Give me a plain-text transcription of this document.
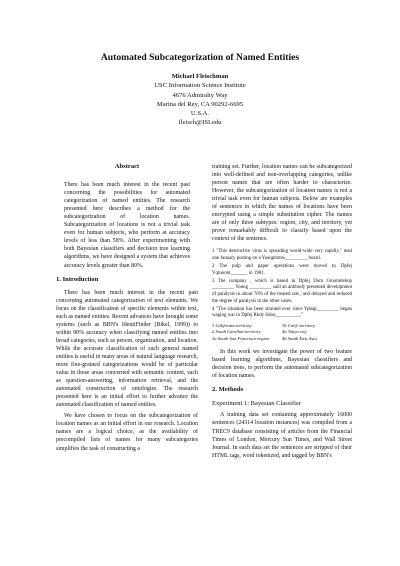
Automated Subcategorization of Named Entities
Michael Fleischman
USC Information Science Institute
4676 Admiralty Way
Marina del Rey, CA 90292-6695
U.S.A.
fleisch@ISI.edu
Abstract
There has been much interest in the recent past concerning the possibilities for automated categorization of named entities. The research presented here describes a method for the subcategorization of location names. Subcategorization of locations is not a trivial task even for human subjects, who perform at accuracy levels of less than 58%. After experimenting with both Bayesian classifiers and decision tree learning algorithms, we have designed a system that achieves accuracy levels greater than 80%.
1. Introduction
There has been much interest in the recent past concerning automated categorization of text elements. We focus on the classification of specific elements within text, such as named entities. Recent advances have brought some systems (such as BBN's IdentiFinder (Bikel, 1999)) to within 90% accuracy when classifying named entities into broad categories, such as person, organization, and location. While the accurate classification of such general named entities is useful in many areas of natural language research, more fine-grained categorizations would be of particular value in those areas concerned with semantic content, such as question-answering, information retrieval, and the automated construction of ontologies. The research presented here is an initial effort to further advance the automated classification of named entities.
We have chosen to focus on the subcategorization of location names as an initial effort in our research. Location names are a logical choice, as the availability of precompiled lists of names for many subcategories simplifies the task of constructing a
training set. Further, location names can be subcategorized into well-defined and non-overlapping categories, unlike person names that are often harder to characterize. However, the subcategorization of location names is not a trivial task even for human subjects. Below are examples of sentences in which the names of locations have been encrypted using a simple substitution cipher. The names are of only three subtypes: region, city, and territory, yet prove remarkably difficult to classify based upon the context of the sentence.
1 "This destructive virus is spreading world-wide very rapidly," read one January posting on a Yuaqpmmw_________ board.
2 The pulp and paper operations were moved to Dpfej Vqtuoom_______ in 1981.
3 The company , which is based in Dpfej Dom Gtoomdehop _________ Young _________ said an antibody presented development of paralysis in about 70% of the treated rats , and delayed and reduced the degree of paralysis in the other cases.
4 "The situation has been strained ever since Ypbap_________ began waging war in Dpfej Rkdy Sdoo__________."
1 California-territory	3b Calif.-territory
2 South Carolina-territory	4a Tokyo-city
3a South San Francisco-region	4b South East Asia
In this work we investigate the power of two feature based learning algorithms, Bayesian classifiers and decision trees, to perform the automated subcategorization of location names.
2. Methods
Experiment 1: Bayesian Classifier
A training data set containing approximately 16000 sentences (24314 location instances) was compiled from a TREC9 database consisting of articles from the Financial Times of London, Mercury Sun Times, and Wall Street Journal. In each data set the sentences are stripped of their HTML tags, word tokenized, and tagged by BBN's
